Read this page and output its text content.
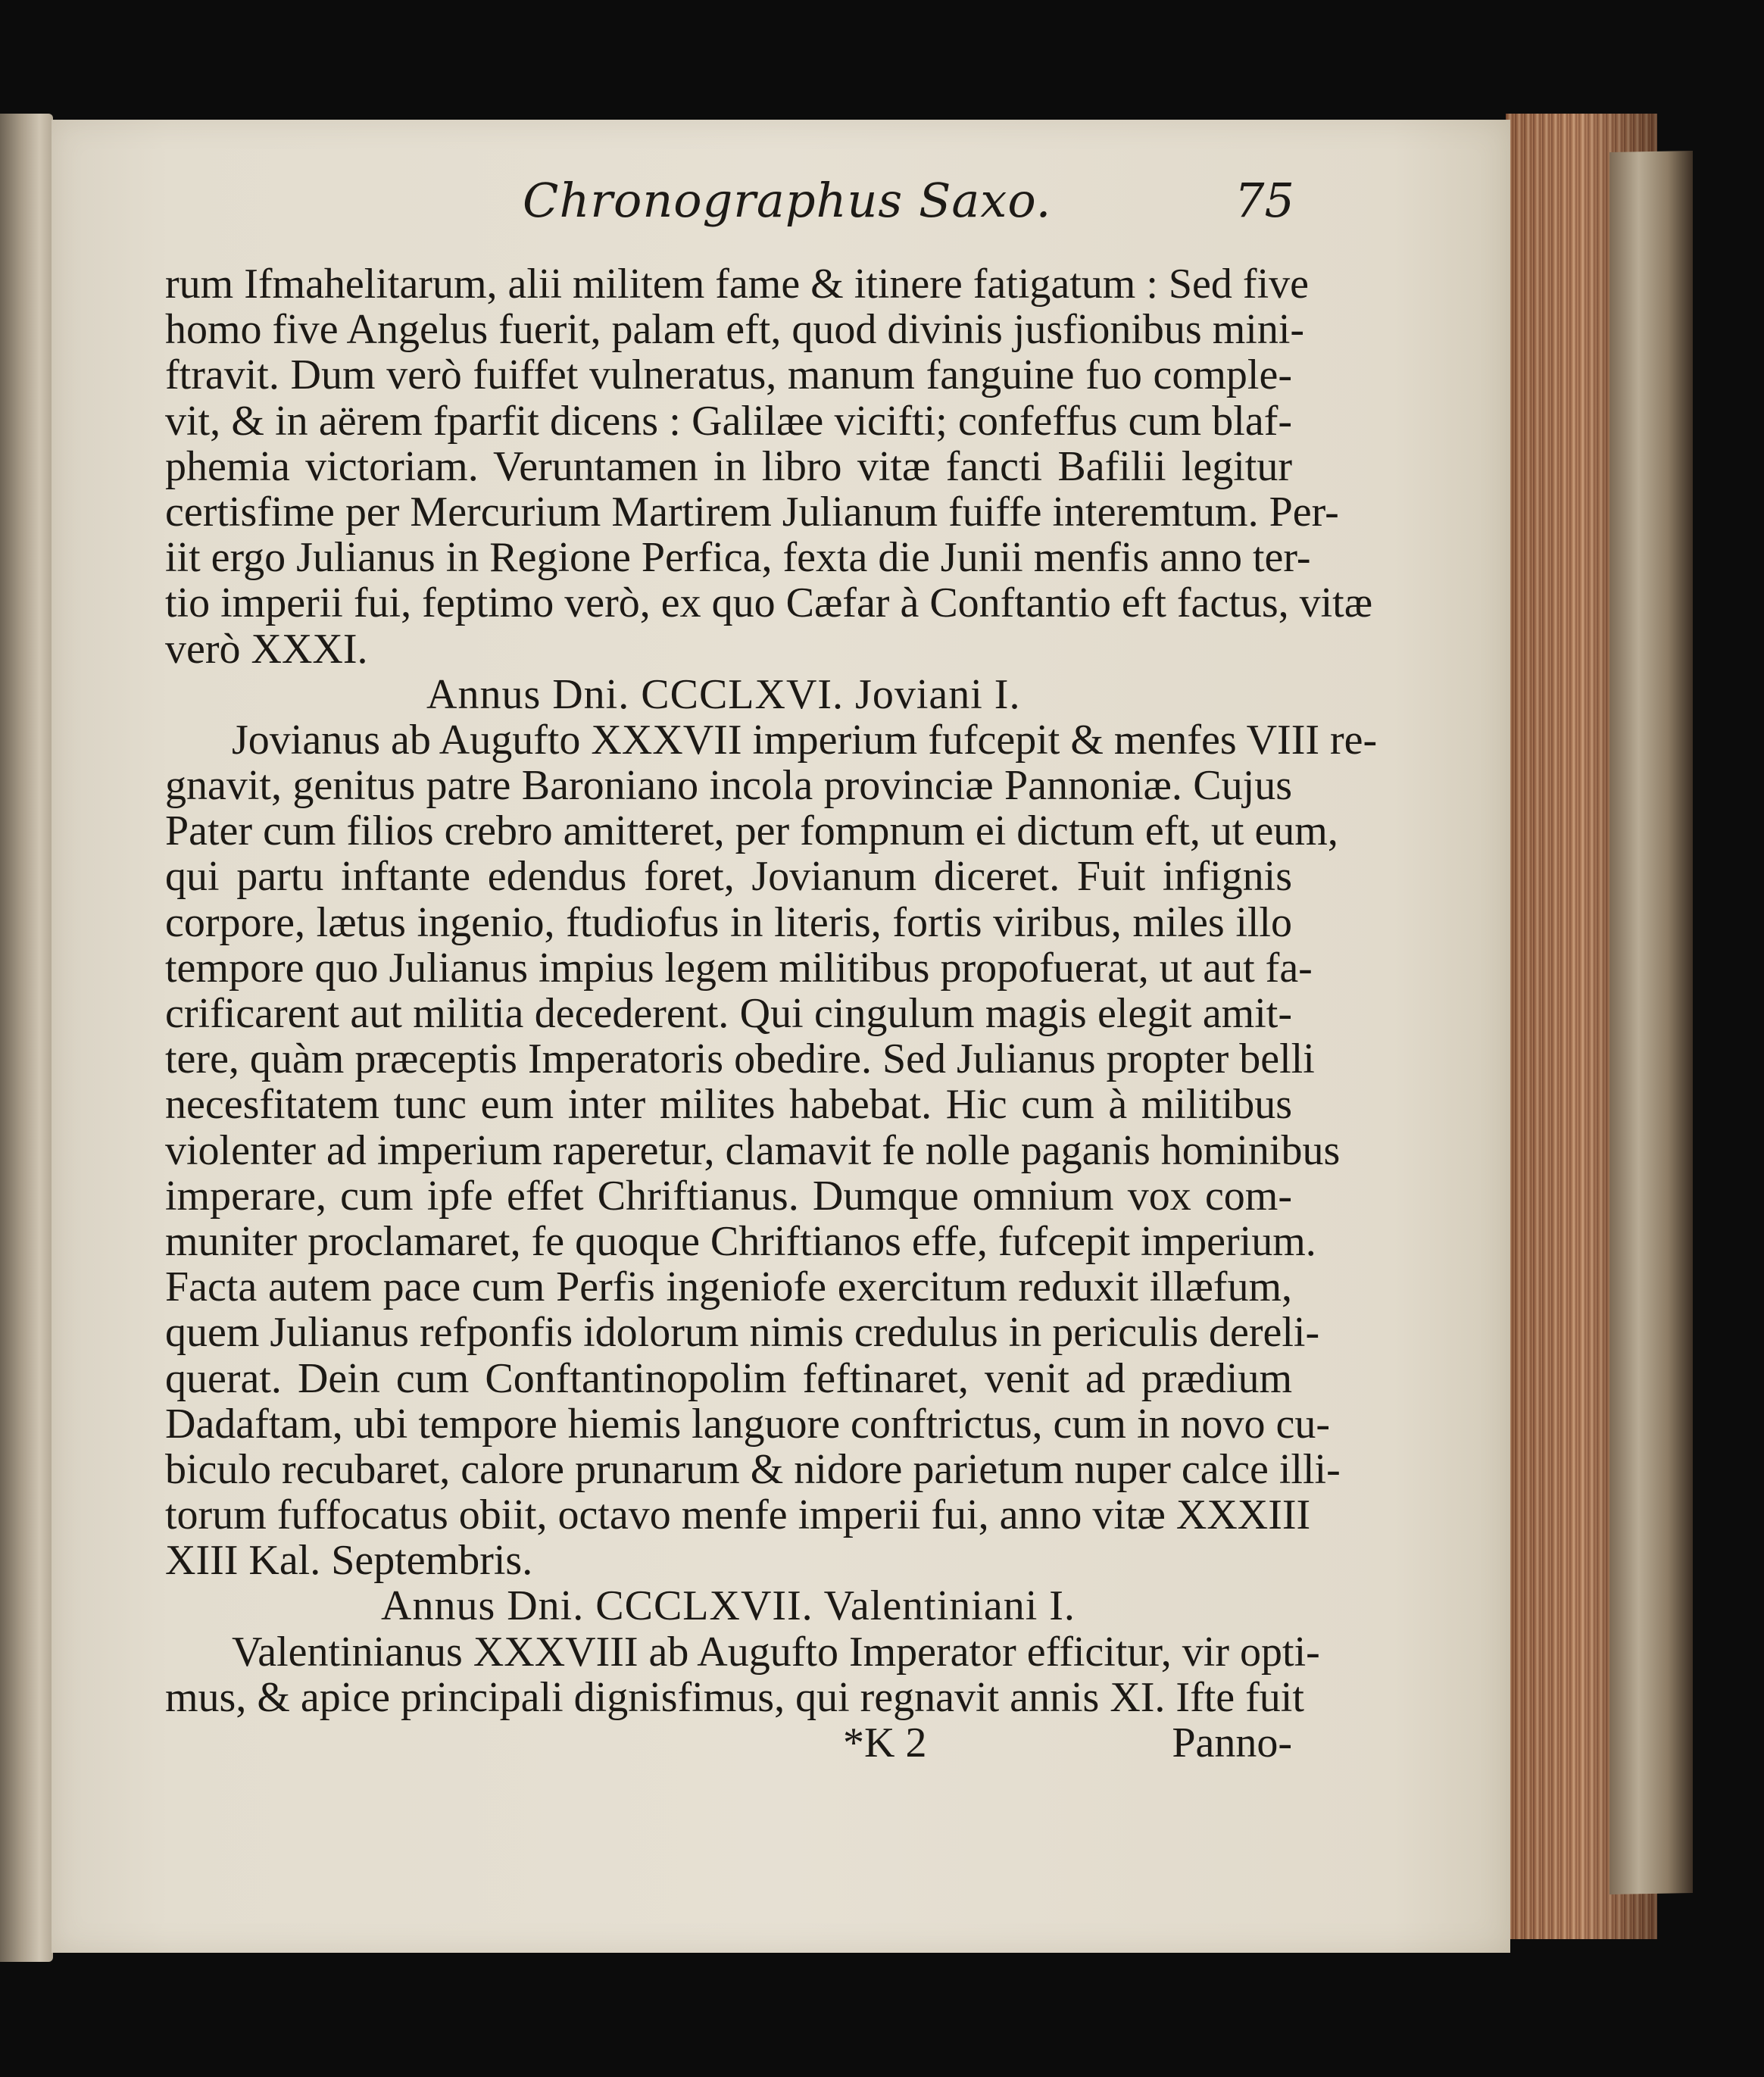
Chronographus Saxo.	75
rum Ifmahelitarum, alii militem fame & itinere fatigatum : Sed five
homo five Angelus fuerit, palam eft, quod divinis jusfionibus mini-
ftravit. Dum verò fuiffet vulneratus, manum fanguine fuo comple-
vit, & in aërem fparfit dicens : Galilæe vicifti; confeffus cum blaf-
phemia victoriam. Veruntamen in libro vitæ fancti Bafilii legitur
certisfime per Mercurium Martirem Julianum fuiffe interemtum. Per-
iit ergo Julianus in Regione Perfica, fexta die Junii menfis anno ter-
tio imperii fui, feptimo verò, ex quo Cæfar à Conftantio eft factus, vitæ
verò XXXI.
Annus Dni. CCCLXVI. Joviani I.
Jovianus ab Augufto XXXVII imperium fufcepit & menfes VIII re-
gnavit, genitus patre Baroniano incola provinciæ Pannoniæ. Cujus
Pater cum filios crebro amitteret, per fompnum ei dictum eft, ut eum,
qui partu inftante edendus foret, Jovianum diceret. Fuit infignis
corpore, lætus ingenio, ftudiofus in literis, fortis viribus, miles illo
tempore quo Julianus impius legem militibus propofuerat, ut aut fa-
crificarent aut militia decederent. Qui cingulum magis elegit amit-
tere, quàm præceptis Imperatoris obedire. Sed Julianus propter belli
necesfitatem tunc eum inter milites habebat. Hic cum à militibus
violenter ad imperium raperetur, clamavit fe nolle paganis hominibus
imperare, cum ipfe effet Chriftianus. Dumque omnium vox com-
muniter proclamaret, fe quoque Chriftianos effe, fufcepit imperium.
Facta autem pace cum Perfis ingeniofe exercitum reduxit illæfum,
quem Julianus refponfis idolorum nimis credulus in periculis dereli-
querat. Dein cum Conftantinopolim feftinaret, venit ad prædium
Dadaftam, ubi tempore hiemis languore conftrictus, cum in novo cu-
biculo recubaret, calore prunarum & nidore parietum nuper calce illi-
torum fuffocatus obiit, octavo menfe imperii fui, anno vitæ XXXIII
XIII Kal. Septembris.
Annus Dni. CCCLXVII. Valentiniani I.
Valentinianus XXXVIII ab Augufto Imperator efficitur, vir opti-
mus, & apice principali dignisfimus, qui regnavit annis XI. Ifte fuit
*K 2	Panno-
